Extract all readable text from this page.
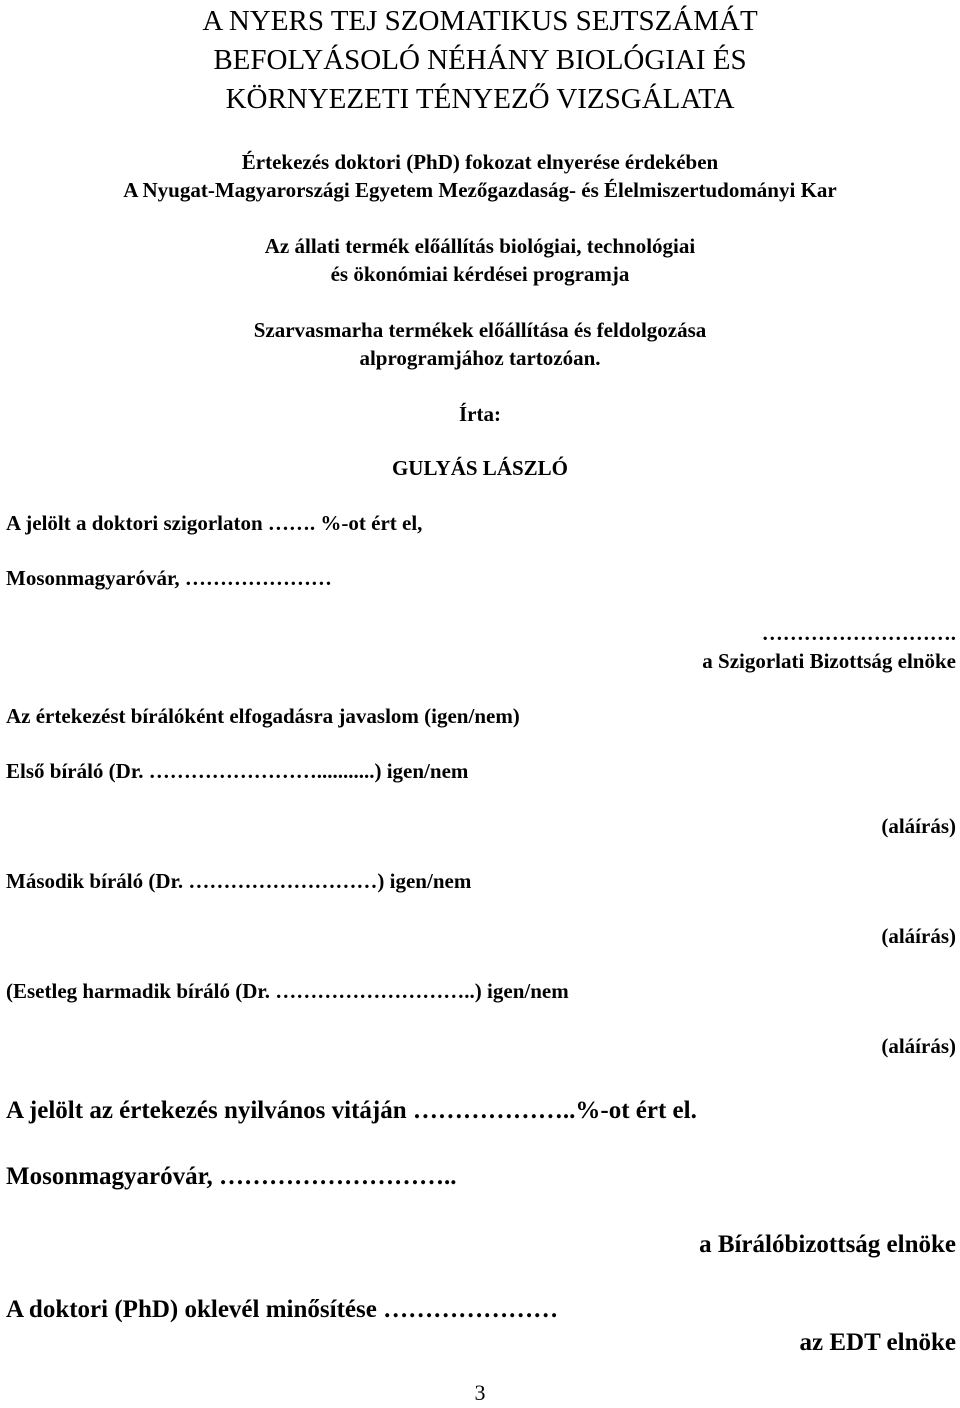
A NYERS TEJ SZOMATIKUS SEJTSZÁMÁT
BEFOLYÁSOLÓ NÉHÁNY BIOLÓGIAI ÉS
KÖRNYEZETI TÉNYEZŐ VIZSGÁLATA
Értekezés doktori (PhD) fokozat elnyerése érdekében
A Nyugat-Magyarországi Egyetem Mezőgazdaság- és Élelmiszertudományi Kar
Az állati termék előállítás biológiai, technológiai
és ökonómiai kérdései programja
Szarvasmarha termékek előállítása és feldolgozása
alprogramjához tartozóan.
Írta:
GULYÁS LÁSZLÓ
A jelölt a doktori szigorlaton ……. %-ot ért el,
Mosonmagyaróvár, …………………
……………………….
a Szigorlati Bizottság elnöke
Az értekezést bírálóként elfogadásra javaslom (igen/nem)
Első bíráló (Dr. ……………………...........) igen/nem
(aláírás)
Második bíráló (Dr. ………………………) igen/nem
(aláírás)
(Esetleg harmadik bíráló (Dr. ………………………..) igen/nem
(aláírás)
A jelölt az értekezés nyilvános vitáján ………………..%-ot ért el.
Mosonmagyaróvár, ………………………..
a Bírálóbizottság elnöke
A doktori (PhD) oklevél minősítése …………………
az EDT elnöke
3
